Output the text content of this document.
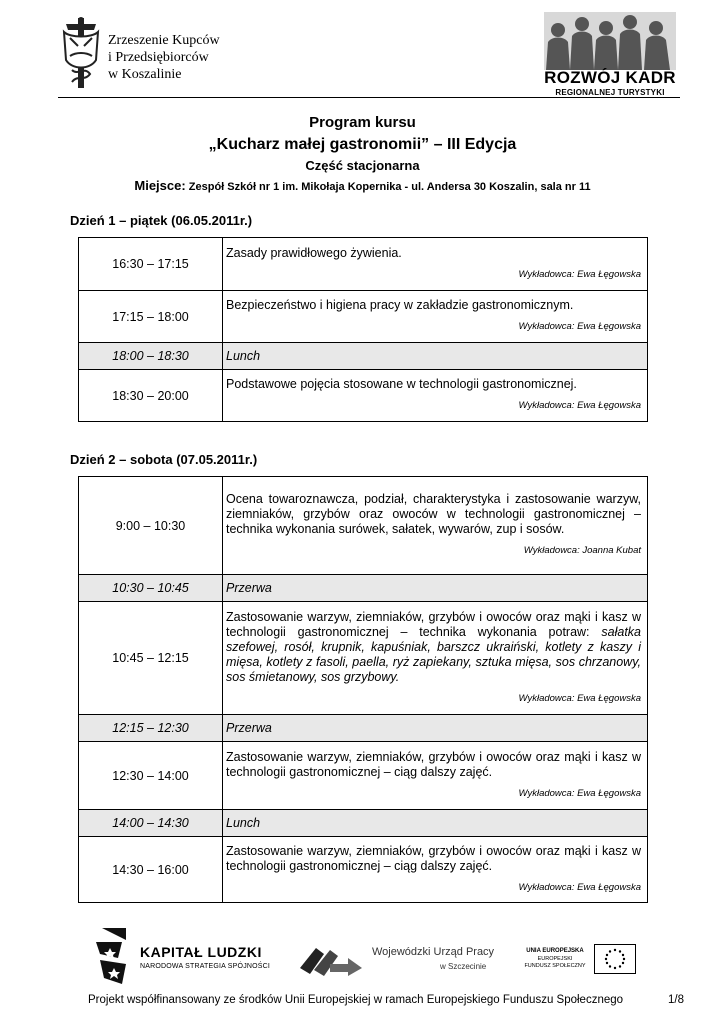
Zrzeszenie Kupców
i Przedsiębiorców
w Koszalinie	ROZWÓJ KADR
REGIONALNEJ TURYSTYKI
Program kursu
„Kucharz małej gastronomii” – III Edycja
Część stacjonarna
Miejsce: Zespół Szkół nr 1 im. Mikołaja Kopernika - ul. Andersa 30 Koszalin, sala nr 11
Dzień 1 – piątek (06.05.2011r.)
16:30 – 17:15	Zasady prawidłowego żywienia.
Wykładowca: Ewa Łęgowska

17:15 – 18:00	Bezpieczeństwo i higiena pracy w zakładzie gastronomicznym.
Wykładowca: Ewa Łęgowska

18:00 – 18:30	Lunch
18:30 – 20:00	Podstawowe pojęcia stosowane w technologii gastronomicznej.
Wykładowca: Ewa Łęgowska
Dzień 2 – sobota (07.05.2011r.)
9:00 – 10:30	Ocena towaroznawcza, podział, charakterystyka i zastosowanie warzyw, ziemniaków, grzybów oraz owoców w technologii gastronomicznej – technika wykonania surówek, sałatek, wywarów, zup i sosów.
Wykładowca: Joanna Kubat

10:30 – 10:45	Przerwa
10:45 – 12:15	Zastosowanie warzyw, ziemniaków, grzybów i owoców oraz mąki i kasz w technologii gastronomicznej – technika wykonania potraw: sałatka szefowej, rosół, krupnik, kapuśniak, barszcz ukraiński, kotlety z kaszy i mięsa, kotlety z fasoli, paella, ryż zapiekany, sztuka mięsa, sos chrzanowy, sos śmietanowy, sos grzybowy.
Wykładowca: Ewa Łęgowska

12:15 – 12:30	Przerwa
12:30 – 14:00	Zastosowanie warzyw, ziemniaków, grzybów i owoców oraz mąki i kasz w technologii gastronomicznej – ciąg dalszy zajęć.
Wykładowca: Ewa Łęgowska

14:00 – 14:30	Lunch
14:30 – 16:00	Zastosowanie warzyw, ziemniaków, grzybów i owoców oraz mąki i kasz w technologii gastronomicznej – ciąg dalszy zajęć.
Wykładowca: Ewa Łęgowska
KAPITAŁ LUDZKI
NARODOWA STRATEGIA SPÓJNOŚCI
Wojewódzki Urząd Pracy
w Szczecinie
UNIA EUROPEJSKA
EUROPEJSKI
FUNDUSZ SPOŁECZNY
Projekt współfinansowany ze środków Unii Europejskiej w ramach Europejskiego Funduszu Społecznego	1/8
